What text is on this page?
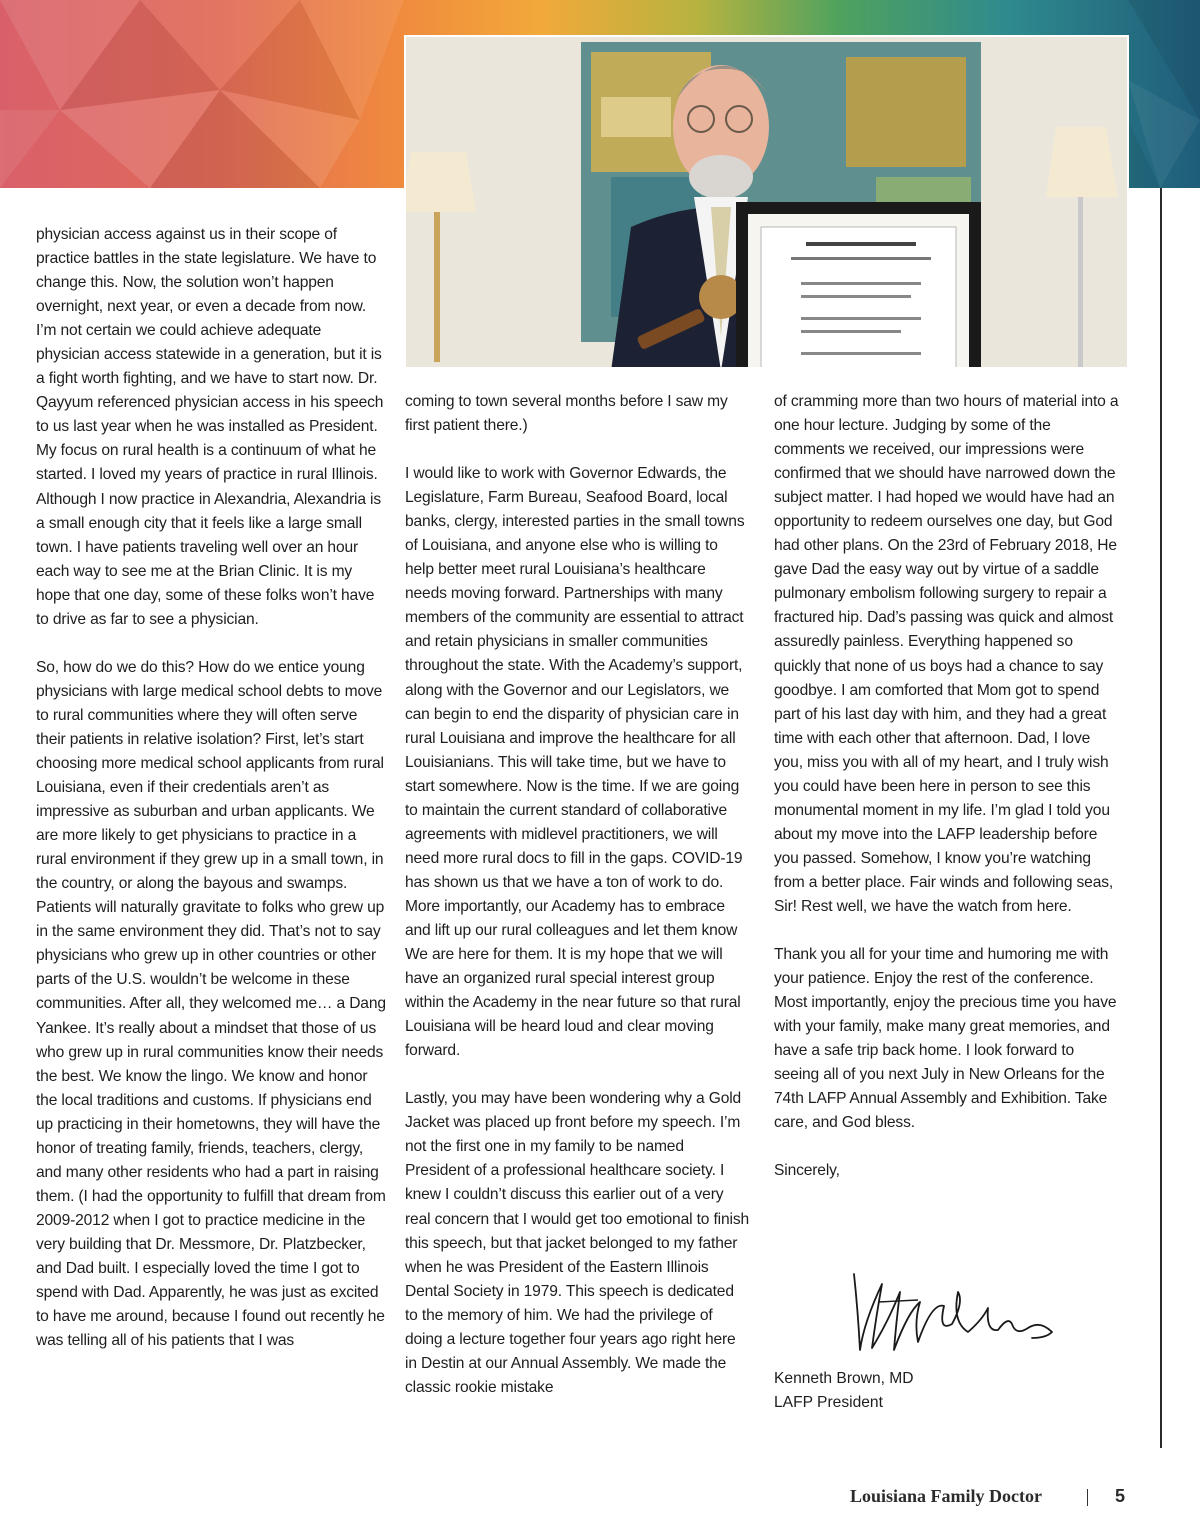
physician access against us in their scope of practice battles in the state legislature. We have to change this. Now, the solution won’t happen overnight, next year, or even a decade from now. I’m not certain we could achieve adequate physician access statewide in a generation, but it is a fight worth fighting, and we have to start now. Dr. Qayyum referenced physician access in his speech to us last year when he was installed as President. My focus on rural health is a continuum of what he started. I loved my years of practice in rural Illinois. Although I now practice in Alexandria, Alexandria is a small enough city that it feels like a large small town. I have patients traveling well over an hour each way to see me at the Brian Clinic. It is my hope that one day, some of these folks won’t have to drive as far to see a physician.

So, how do we do this? How do we entice young physicians with large medical school debts to move to rural communities where they will often serve their patients in relative isolation? First, let’s start choosing more medical school applicants from rural Louisiana, even if their credentials aren’t as impressive as suburban and urban applicants. We are more likely to get physicians to practice in a rural environment if they grew up in a small town, in the country, or along the bayous and swamps. Patients will naturally gravitate to folks who grew up in the same environment they did. That’s not to say physicians who grew up in other countries or other parts of the U.S. wouldn’t be welcome in these communities. After all, they welcomed me… a Dang Yankee. It’s really about a mindset that those of us who grew up in rural communities know their needs the best. We know the lingo. We know and honor the local traditions and customs. If physicians end up practicing in their hometowns, they will have the honor of treating family, friends, teachers, clergy, and many other residents who had a part in raising them. (I had the opportunity to fulfill that dream from 2009-2012 when I got to practice medicine in the very building that Dr. Messmore, Dr. Platzbecker, and Dad built. I especially loved the time I got to spend with Dad. Apparently, he was just as excited to have me around, because I found out recently he was telling all of his patients that I was

coming to town several months before I saw my first patient there.)

I would like to work with Governor Edwards, the Legislature, Farm Bureau, Seafood Board, local banks, clergy, interested parties in the small towns of Louisiana, and anyone else who is willing to help better meet rural Louisiana’s healthcare needs moving forward. Partnerships with many members of the community are essential to attract and retain physicians in smaller communities throughout the state. With the Academy’s support, along with the Governor and our Legislators, we can begin to end the disparity of physician care in rural Louisiana and improve the healthcare for all Louisianians. This will take time, but we have to start somewhere. Now is the time. If we are going to maintain the current standard of collaborative agreements with midlevel practitioners, we will need more rural docs to fill in the gaps. COVID-19 has shown us that we have a ton of work to do. More importantly, our Academy has to embrace and lift up our rural colleagues and let them know We are here for them. It is my hope that we will have an organized rural special interest group within the Academy in the near future so that rural Louisiana will be heard loud and clear moving forward.

Lastly, you may have been wondering why a Gold Jacket was placed up front before my speech. I’m not the first one in my family to be named President of a professional healthcare society. I knew I couldn’t discuss this earlier out of a very real concern that I would get too emotional to finish this speech, but that jacket belonged to my father when he was President of the Eastern Illinois Dental Society in 1979. This speech is dedicated to the memory of him. We had the privilege of doing a lecture together four years ago right here in Destin at our Annual Assembly. We made the classic rookie mistake

of cramming more than two hours of material into a one hour lecture. Judging by some of the comments we received, our impressions were confirmed that we should have narrowed down the subject matter. I had hoped we would have had an opportunity to redeem ourselves one day, but God had other plans. On the 23rd of February 2018, He gave Dad the easy way out by virtue of a saddle pulmonary embolism following surgery to repair a fractured hip. Dad’s passing was quick and almost assuredly painless. Everything happened so quickly that none of us boys had a chance to say goodbye. I am comforted that Mom got to spend part of his last day with him, and they had a great time with each other that afternoon. Dad, I love you, miss you with all of my heart, and I truly wish you could have been here in person to see this monumental moment in my life. I’m glad I told you about my move into the LAFP leadership before you passed. Somehow, I know you’re watching from a better place. Fair winds and following seas, Sir! Rest well, we have the watch from here.

Thank you all for your time and humoring me with your patience. Enjoy the rest of the conference. Most importantly, enjoy the precious time you have with your family, make many great memories, and have a safe trip back home. I look forward to seeing all of you next July in New Orleans for the 74th LAFP Annual Assembly and Exhibition. Take care, and God bless.

Sincerely,

Kenneth Brown, MD
LAFP President
Louisiana Family Doctor	5
